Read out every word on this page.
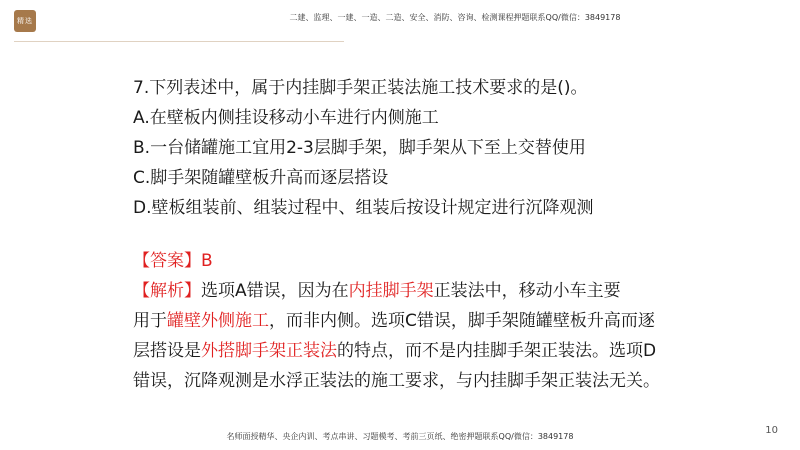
精选	二建、监理、一建、一造、二造、安全、消防、咨询、检测课程押题联系QQ/微信：3849178
7.下列表述中，属于内挂脚手架正装法施工技术要求的是()。
A.在壁板内侧挂设移动小车进行内侧施工
B.一台储罐施工宜用2-3层脚手架，脚手架从下至上交替使用
C.脚手架随罐壁板升高而逐层搭设
D.壁板组装前、组装过程中、组装后按设计规定进行沉降观测
【答案】B
【解析】选项A错误，因为在内挂脚手架正装法中，移动小车主要
用于罐壁外侧施工，而非内侧。选项C错误，脚手架随罐壁板升高而逐
层搭设是外搭脚手架正装法的特点，而不是内挂脚手架正装法。选项D
错误，沉降观测是水浮正装法的施工要求，与内挂脚手架正装法无关。
名师面授精华、央企内训、考点串讲、习题模考、考前三页纸、绝密押题联系QQ/微信：3849178
10
